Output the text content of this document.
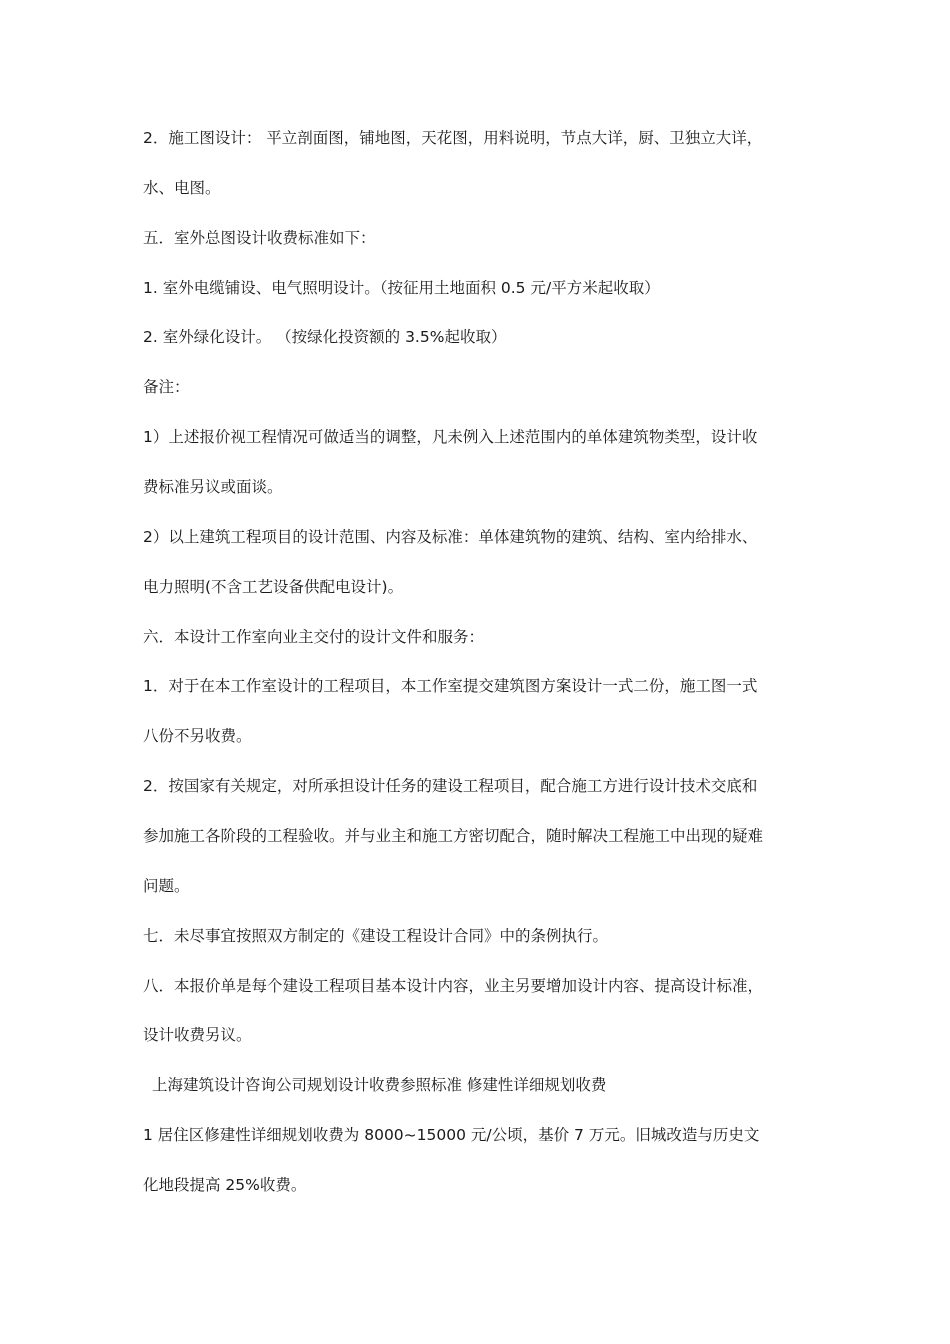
2．施工图设计： 平立剖面图，铺地图，天花图，用料说明，节点大详，厨、卫独立大详，
水、电图。
五．室外总图设计收费标准如下：
1. 室外电缆铺设、电气照明设计。（按征用土地面积 0.5 元/平方米起收取）
2. 室外绿化设计。 （按绿化投资额的 3.5%起收取）
备注：
1）上述报价视工程情况可做适当的调整，凡未例入上述范围内的单体建筑物类型，设计收
费标准另议或面谈。
2）以上建筑工程项目的设计范围、内容及标准：单体建筑物的建筑、结构、室内给排水、
电力照明(不含工艺设备供配电设计)。
六．本设计工作室向业主交付的设计文件和服务：
1．对于在本工作室设计的工程项目，本工作室提交建筑图方案设计一式二份，施工图一式
八份不另收费。
2．按国家有关规定，对所承担设计任务的建设工程项目，配合施工方进行设计技术交底和
参加施工各阶段的工程验收。并与业主和施工方密切配合，随时解决工程施工中出现的疑难
问题。
七．未尽事宜按照双方制定的《建设工程设计合同》中的条例执行。
八．本报价单是每个建设工程项目基本设计内容，业主另要增加设计内容、提高设计标准，
设计收费另议。
上海建筑设计咨询公司规划设计收费参照标准 修建性详细规划收费
1 居住区修建性详细规划收费为 8000~15000 元/公顷，基价 7 万元。旧城改造与历史文
化地段提高 25%收费。
